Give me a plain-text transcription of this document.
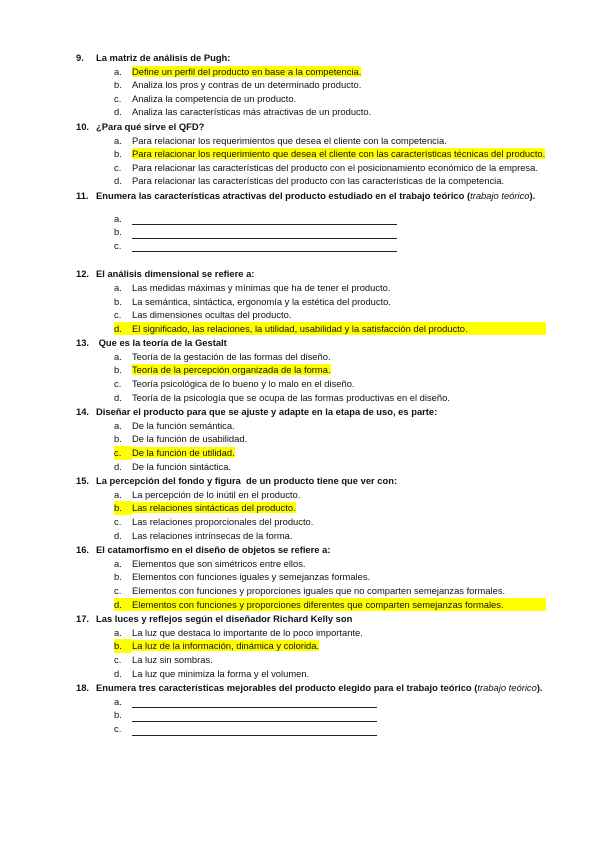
9.	La matriz de análisis de Pugh:
a.	Define un perfil del producto en base a la competencia.
b.	Analiza los pros y contras de un determinado producto.
c.	Analiza la competencia de un producto.
d.	Analiza las características más atractivas de un producto.
10. ¿Para qué sirve el QFD?
a.	Para relacionar los requerimientos que desea el cliente con la competencia.
b.	Para relacionar los requerimiento que desea el cliente con las características técnicas del producto.
c.	Para relacionar las características del producto con el posicionamiento económico de la empresa.
d.	Para relacionar las características del producto con las características de la competencia.
11. Enumera las características atractivas del producto estudiado en el trabajo teórico (trabajo teórico).
a.
b.
c.
12. El análisis dimensional se refiere a:
a.	Las medidas máximas y mínimas que ha de tener el producto.
b.	La semántica, sintáctica, ergonomía y la estética del producto.
c.	Las dimensiones ocultas del producto.
d.	El significado, las relaciones, la utilidad, usabilidad y la satisfacción del producto.
13. Que es la teoría de la Gestalt
a.	Teoría de la gestación de las formas del diseño.
b.	Teoría de la percepción organizada de la forma.
c.	Teoría psicológica de lo bueno y lo malo en el diseño.
d.	Teoría de la psicología que se ocupa de las formas productivas en el diseño.
14. Diseñar el producto para que se ajuste y adapte en la etapa de uso, es parte:
a.	De la función semántica.
b.	De la función de usabilidad.
c.	De la función de utilidad.
d.	De la función sintáctica.
15. La percepción del fondo y figura  de un producto tiene que ver con:
a.	La percepción de lo inútil en el producto.
b.	Las relaciones sintácticas del producto.
c.	Las relaciones proporcionales del producto.
d.	Las relaciones intrínsecas de la forma.
16. El catamorfismo en el diseño de objetos se refiere a:
a.	Elementos que son simétricos entre ellos.
b.	Elementos con funciones iguales y semejanzas formales.
c.	Elementos con funciones y proporciones iguales que no comparten semejanzas formales.
d.	Elementos con funciones y proporciones diferentes que comparten semejanzas formales.
17. Las luces y reflejos según el diseñador Richard Kelly son
a.	La luz que destaca lo importante de lo poco importante.
b.	La luz de la información, dinámica y colorida.
c.	La luz sin sombras.
d.	La luz que minimiza la forma y el volumen.
18. Enumera tres características mejorables del producto elegido para el trabajo teórico (trabajo teórico).
a.
b.
c.
